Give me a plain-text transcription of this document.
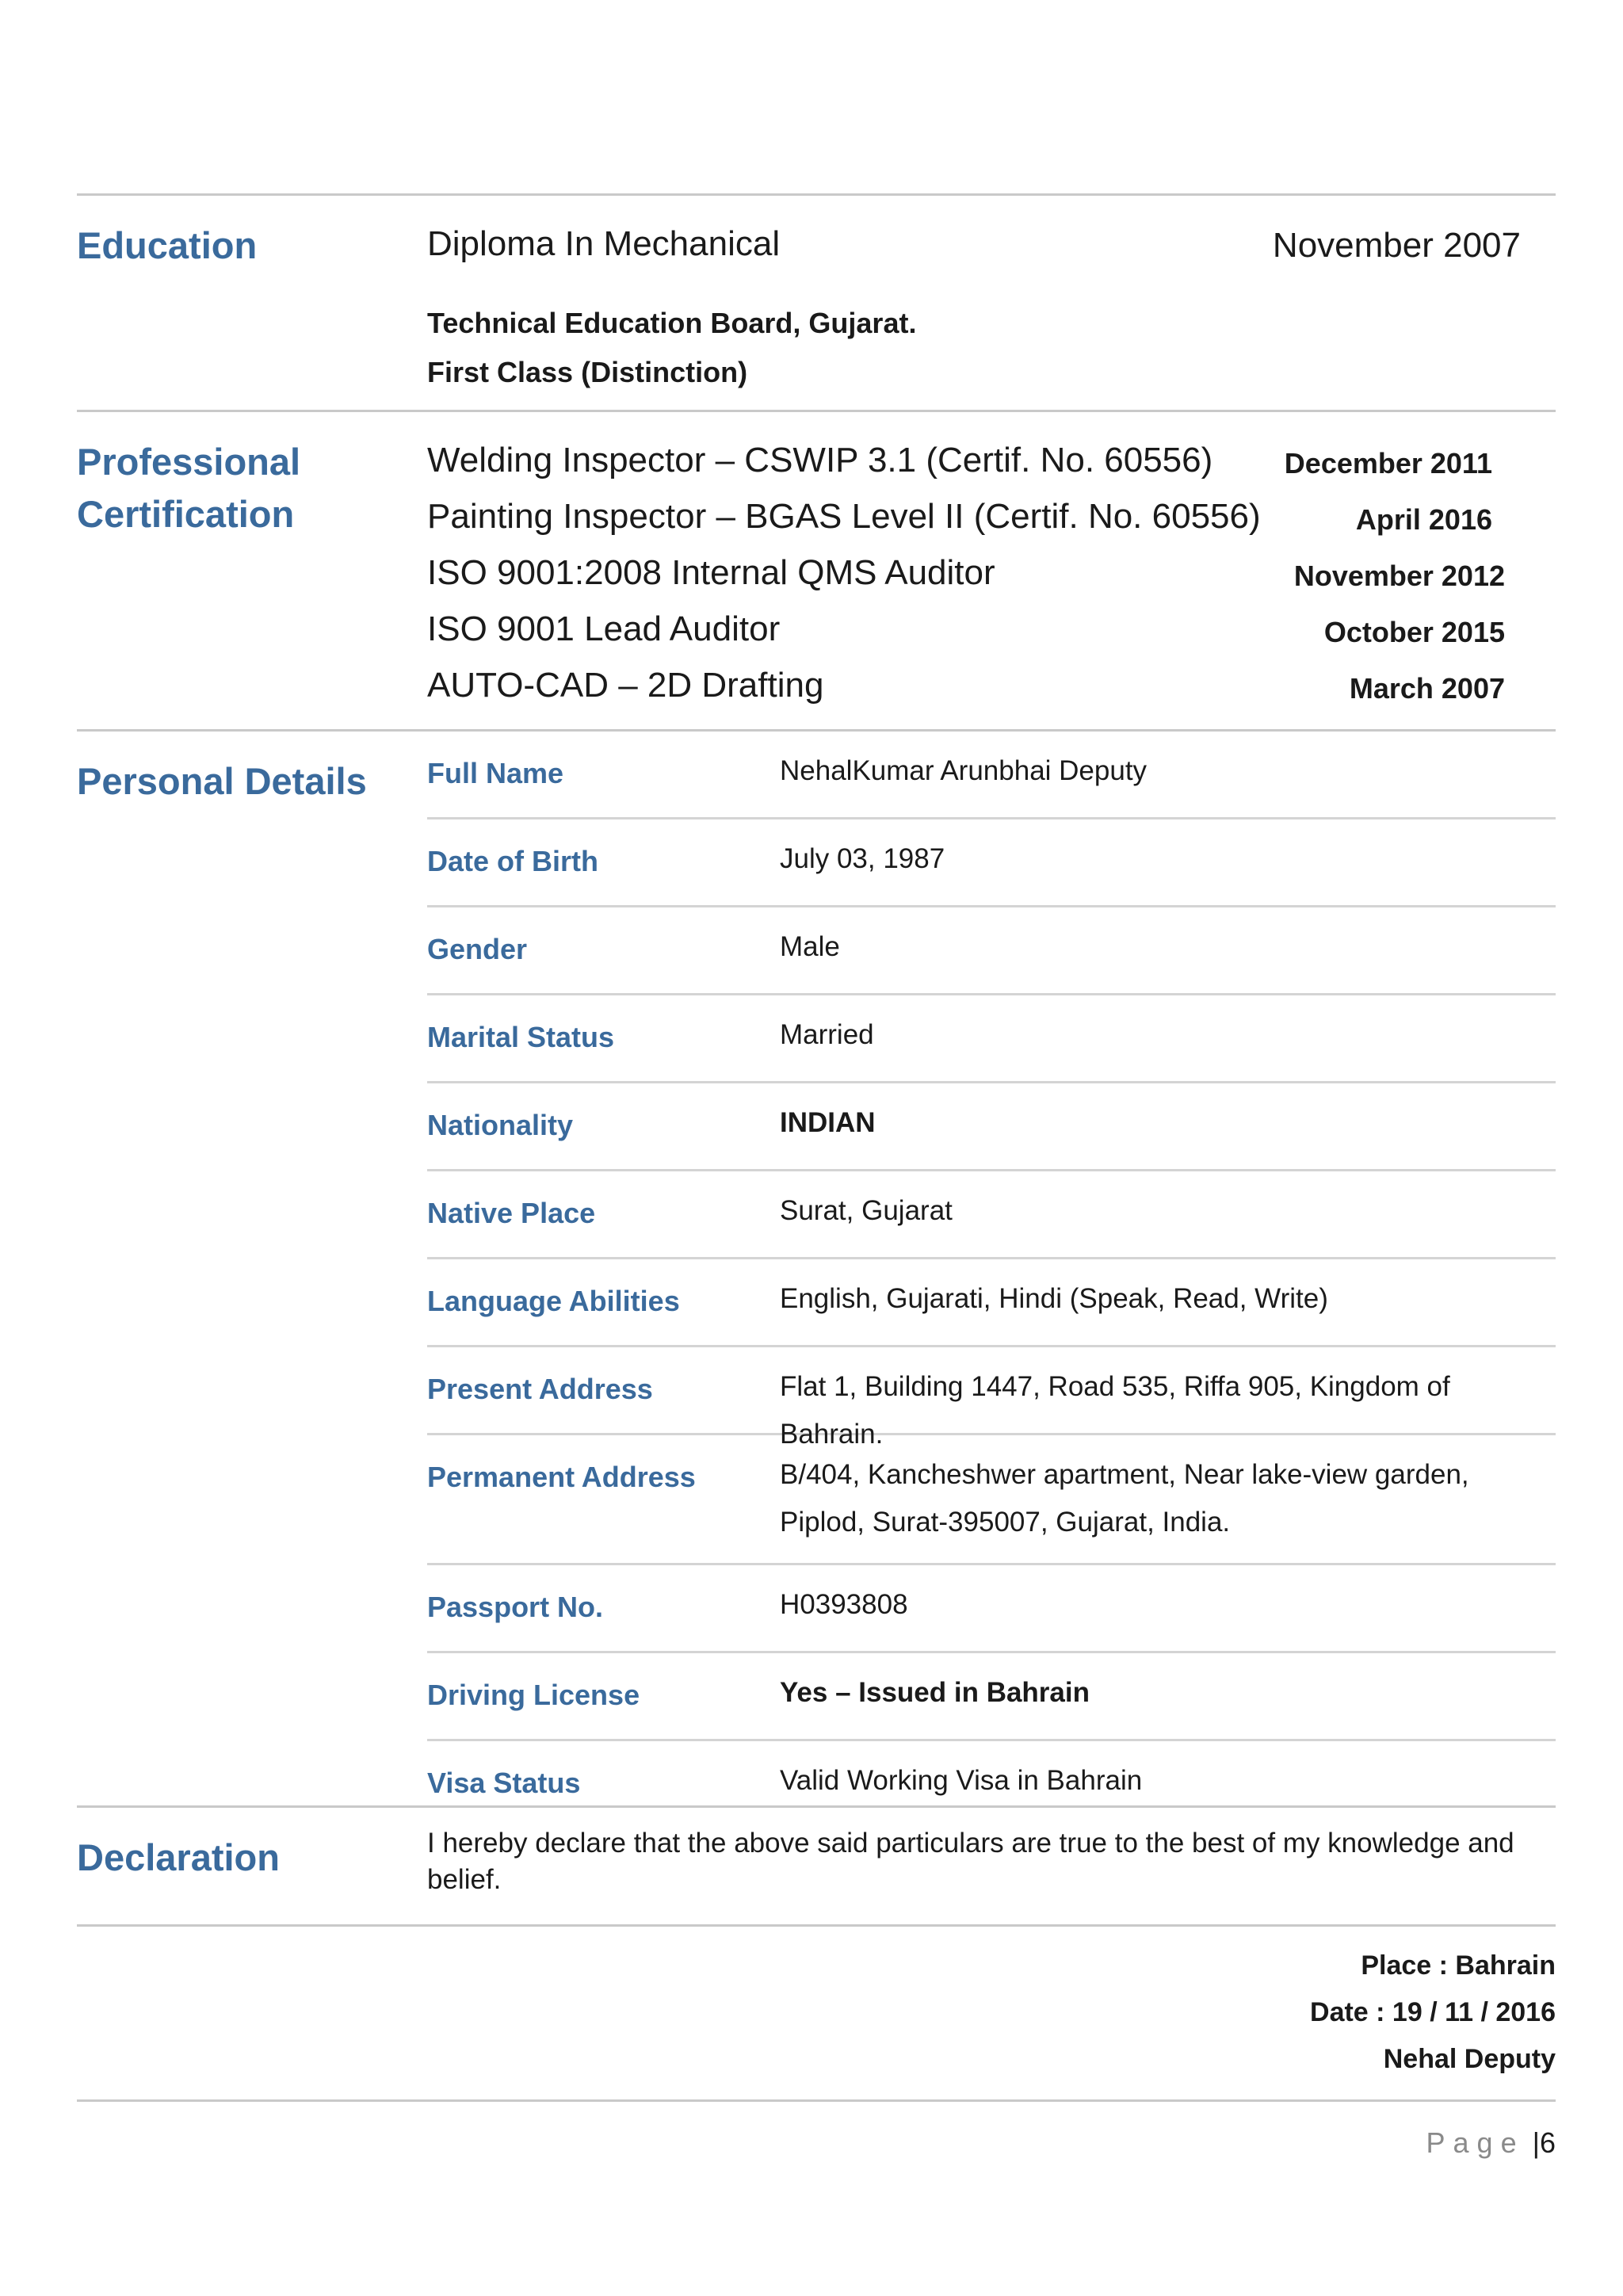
Education	Diploma In Mechanical	November 2007
Technical Education Board, Gujarat.
First Class (Distinction)
Professional
Certification
Welding Inspector – CSWIP 3.1 (Certif. No. 60556)	December 2011
Painting Inspector – BGAS Level II (Certif. No. 60556)	April 2016
ISO 9001:2008 Internal QMS Auditor	November 2012
ISO 9001 Lead Auditor	October 2015
AUTO-CAD – 2D Drafting	March 2007
Personal Details Full Name	NehalKumar Arunbhai Deputy
Date of Birth	July 03, 1987
Gender	Male
Marital Status	Married
Nationality	INDIAN
Native Place	Surat, Gujarat
Language Abilities	English, Gujarati, Hindi (Speak, Read, Write)
Present Address	Flat 1, Building 1447, Road 535, Riffa 905, Kingdom of Bahrain.
Permanent Address	B/404, Kancheshwer apartment, Near lake-view garden,
Piplod, Surat-395007, Gujarat, India.
Passport No.	H0393808
Driving License	Yes – Issued in Bahrain
Visa Status	Valid Working Visa in Bahrain
Declaration	I hereby declare that the above said particulars are true to the best of my knowledge and belief.
Place : Bahrain
Date : 19 / 11 / 2016
Nehal Deputy
Page |6
